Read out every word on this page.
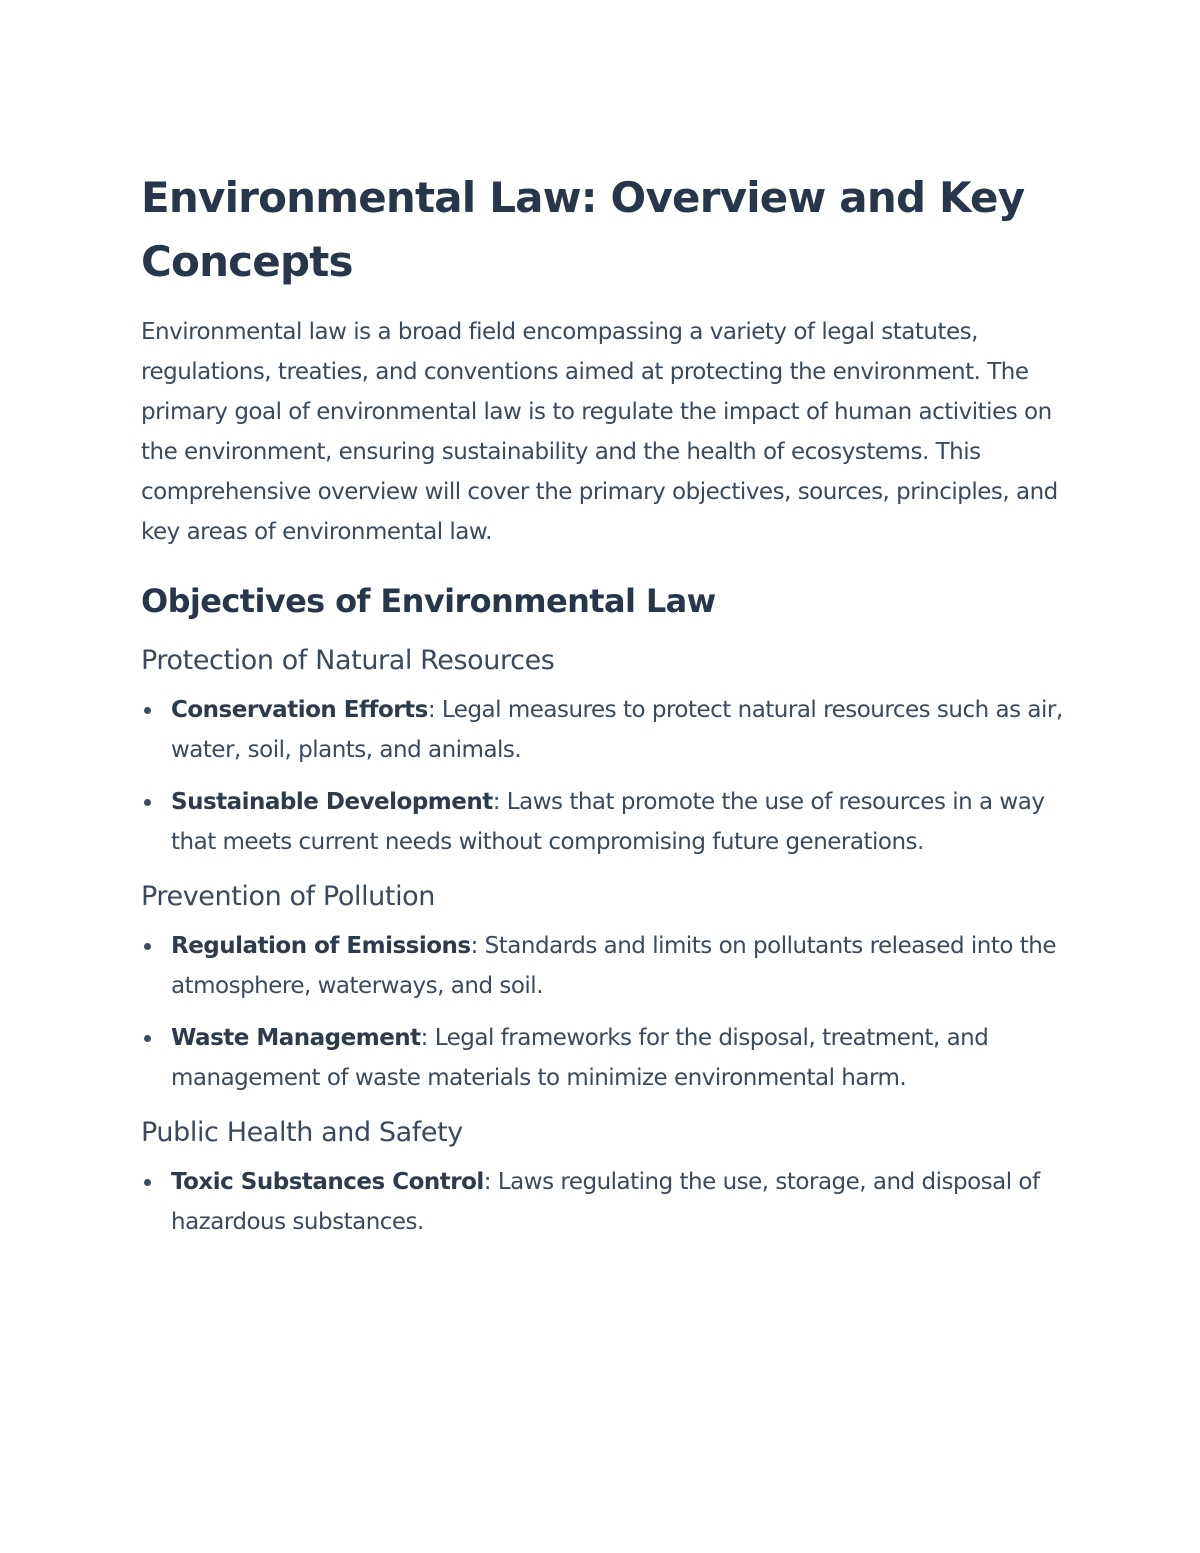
Environmental Law: Overview and Key Concepts

Environmental law is a broad field encompassing a variety of legal statutes, regulations, treaties, and conventions aimed at protecting the environment. The primary goal of environmental law is to regulate the impact of human activities on the environment, ensuring sustainability and the health of ecosystems. This comprehensive overview will cover the primary objectives, sources, principles, and key areas of environmental law.

Objectives of Environmental Law
Protection of Natural Resources
Conservation Efforts: Legal measures to protect natural resources such as air, water, soil, plants, and animals.
Sustainable Development: Laws that promote the use of resources in a way that meets current needs without compromising future generations.
Prevention of Pollution
Regulation of Emissions: Standards and limits on pollutants released into the atmosphere, waterways, and soil.
Waste Management: Legal frameworks for the disposal, treatment, and management of waste materials to minimize environmental harm.
Public Health and Safety
Toxic Substances Control: Laws regulating the use, storage, and disposal of hazardous substances.
